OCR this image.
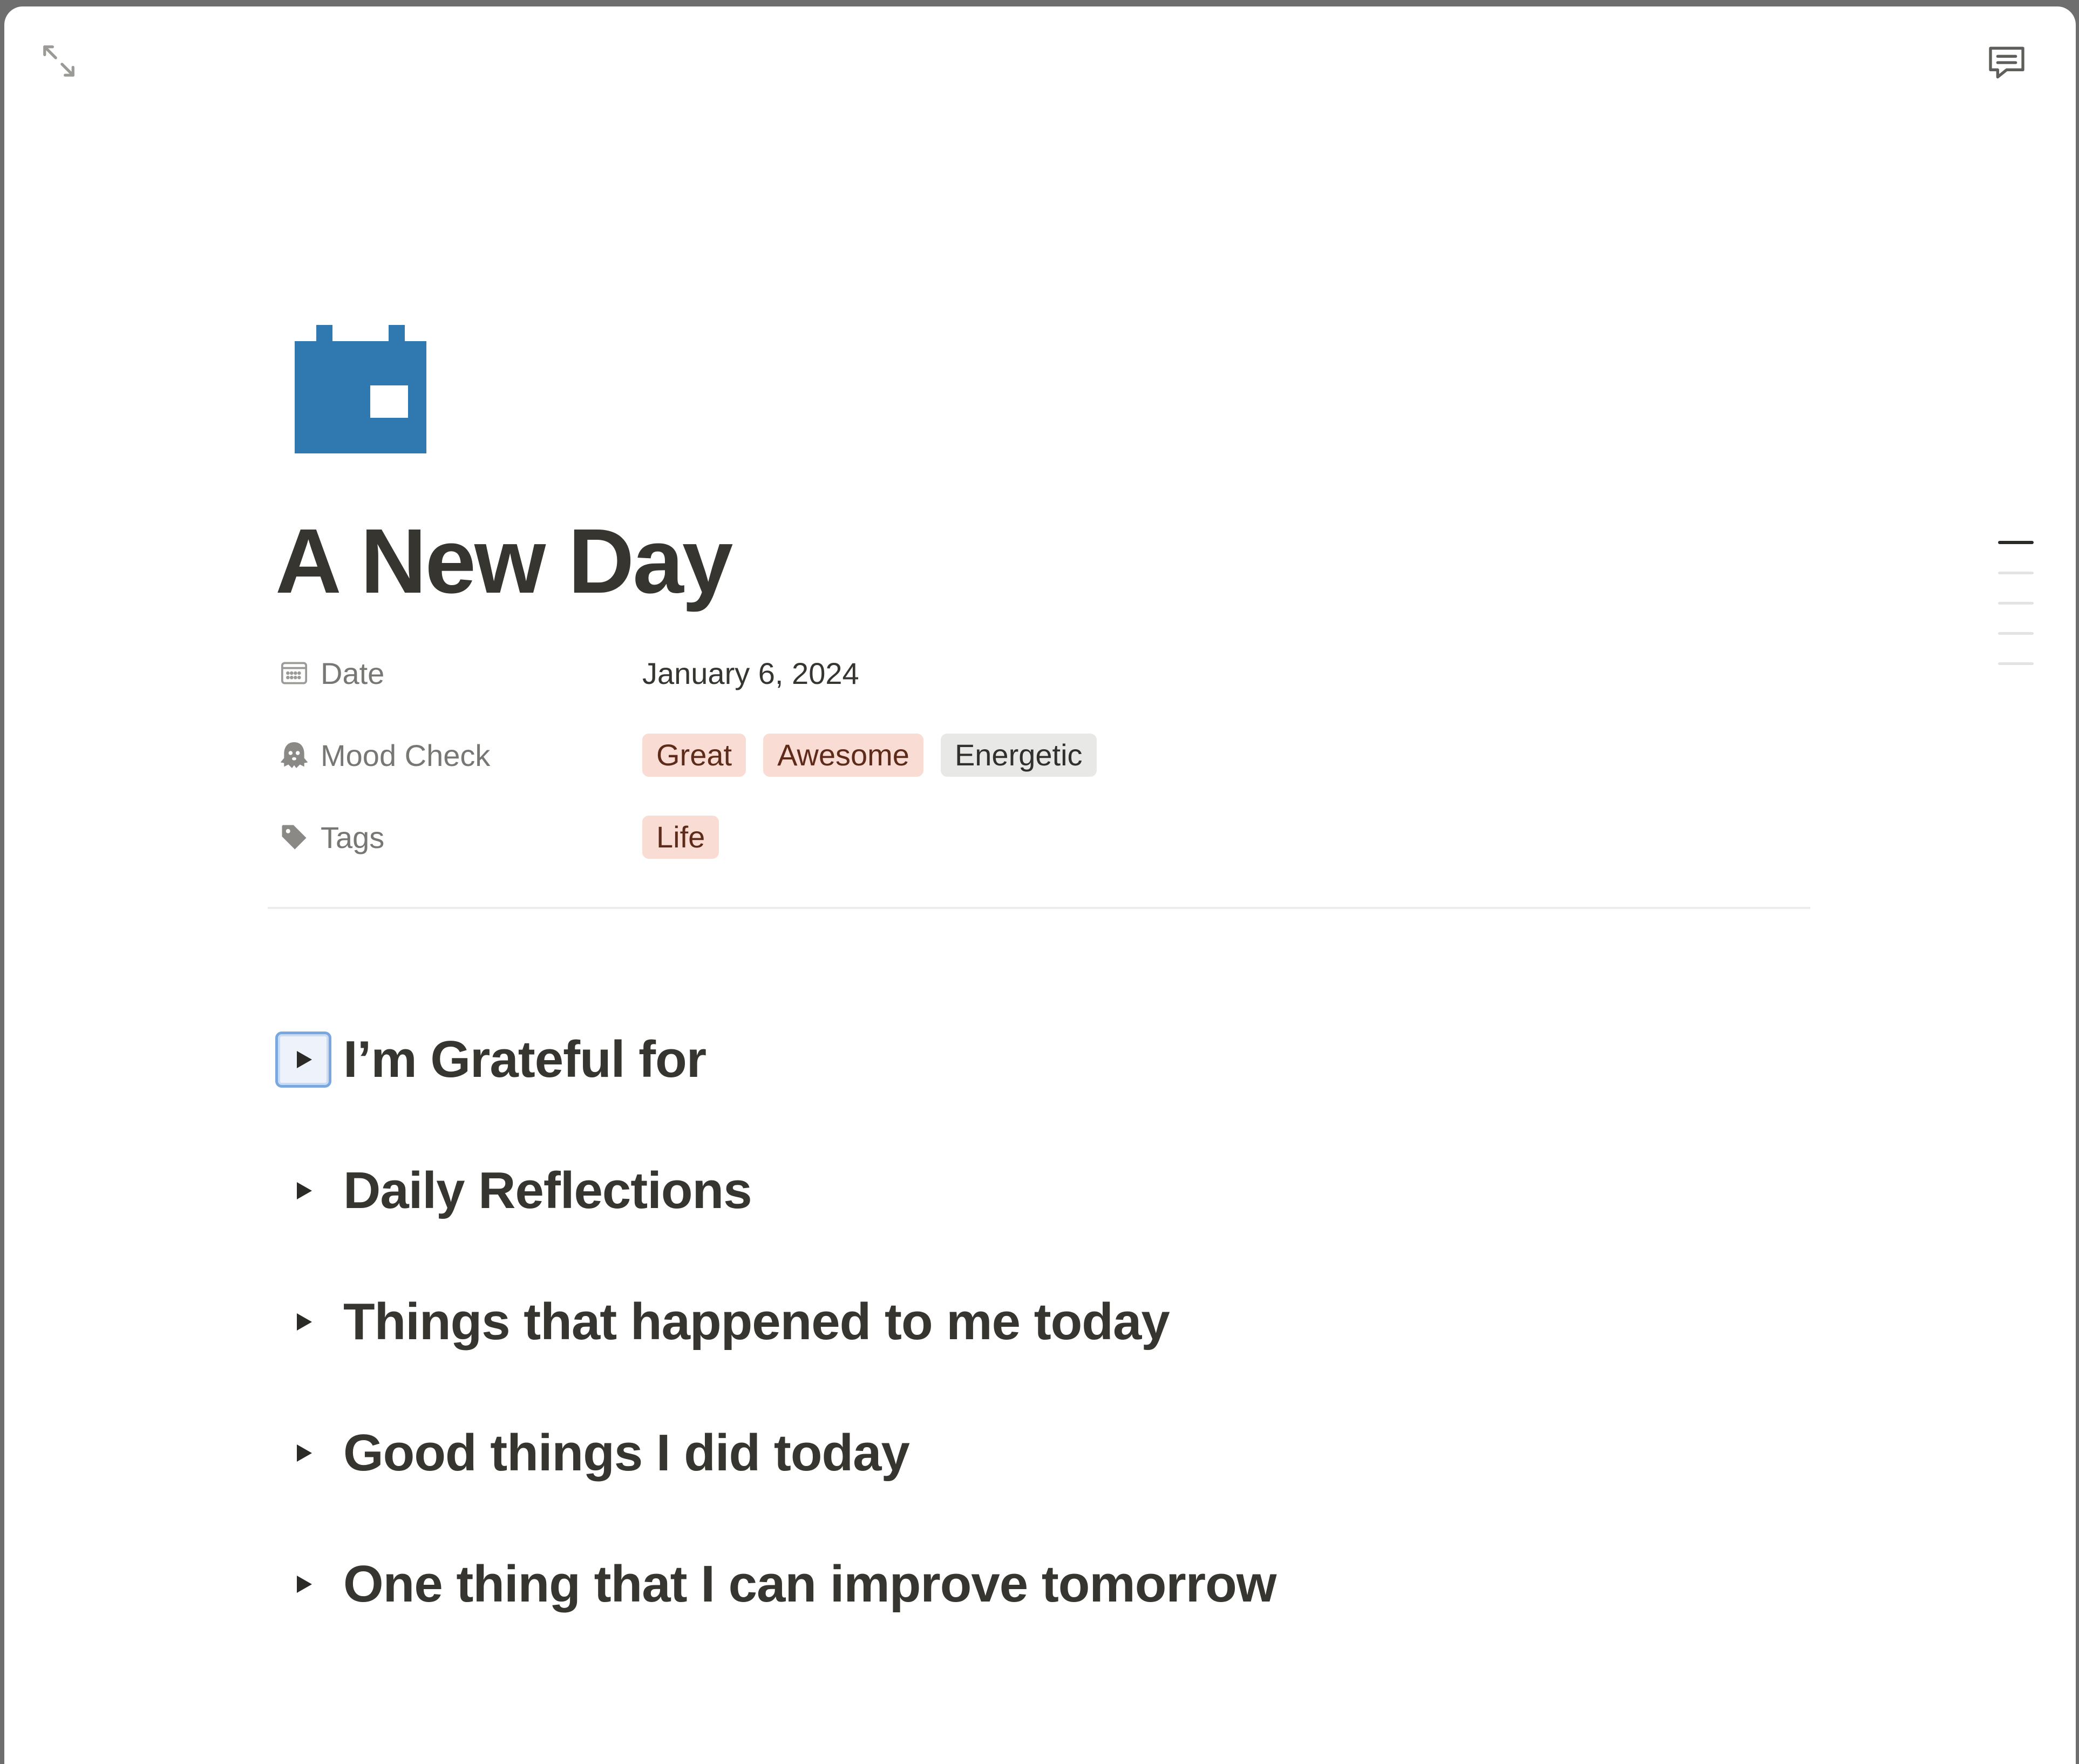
A New Day
Date	January 6, 2024
Mood Check	Great	Awesome	Energetic
Tags	Life
I’m Grateful for
Daily Reflections
Things that happened to me today
Good things I did today
One thing that I can improve tomorrow
